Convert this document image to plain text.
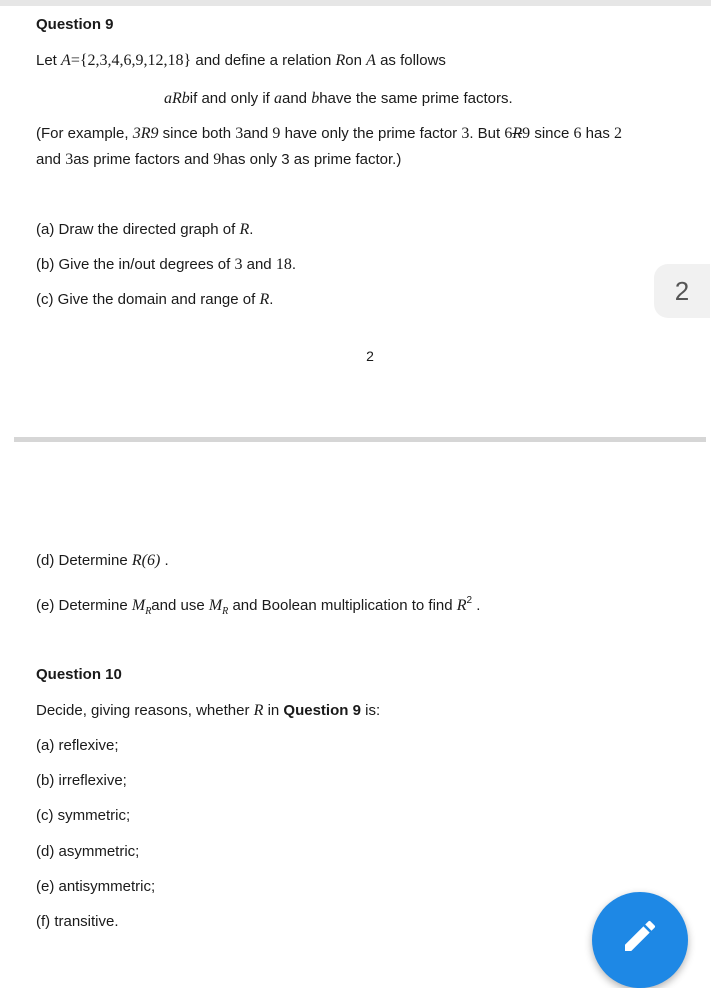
Question 9
Let A={2,3,4,6,9,12,18} and define a relation Ron A as follows
aRbif and only if aand bhave the same prime factors.
(For example, 3R9 since both 3and 9 have only the prime factor 3. But 6R9 since 6 has 2
and 3as prime factors and 9has only 3 as prime factor.)
(a) Draw the directed graph of R.
(b) Give the in/out degrees of 3 and 18.
(c) Give the domain and range of R.	2
2
(d) Determine R(6) .
(e) Determine $M_Rand$ use $M_R$ and Boolean multiplication to find $R^2$ .
Question 10
Decide, giving reasons, whether R in Question 9 is:
(a) reflexive;
(b) irreflexive;
(c) symmetric;
(d) asymmetric;
(e) antisymmetric;
(f) transitive.
